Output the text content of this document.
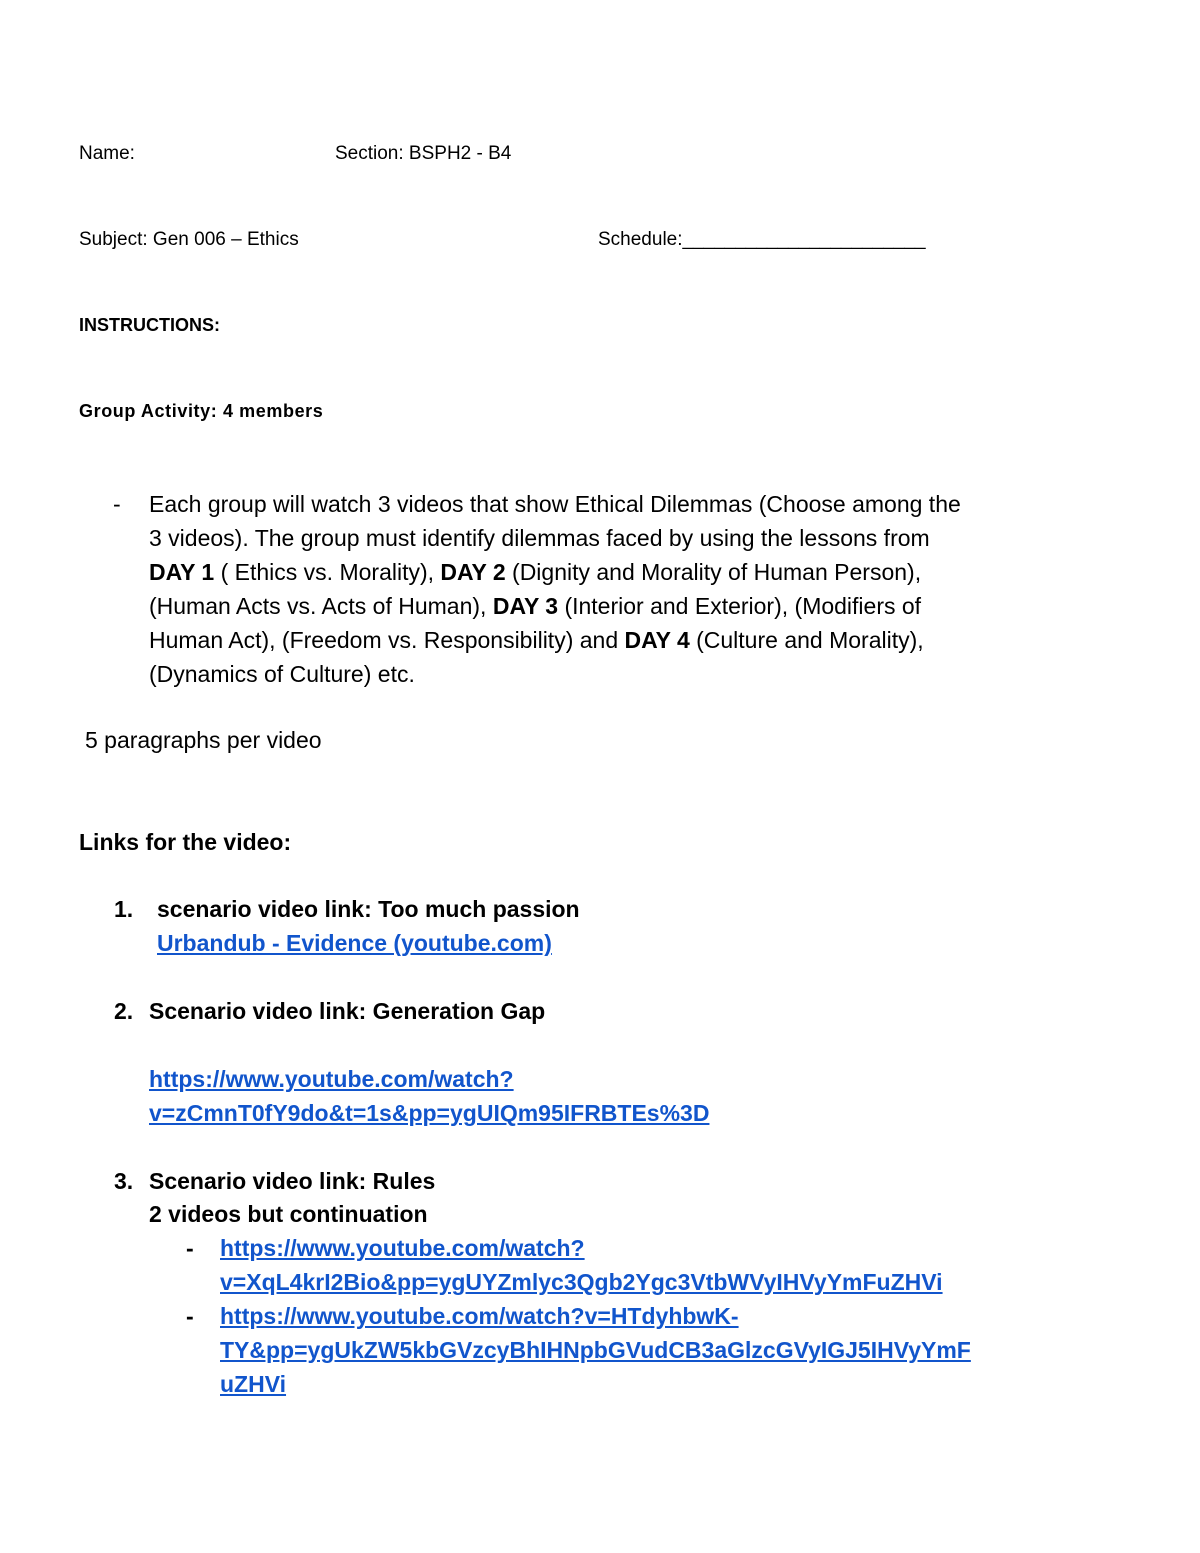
Name:	Section: BSPH2 - B4
Subject: Gen 006 – Ethics	Schedule:_______________________
INSTRUCTIONS:
Group Activity: 4 members
- Each group will watch 3 videos that show Ethical Dilemmas (Choose among the
3 videos). The group must identify dilemmas faced by using the lessons from
DAY 1 ( Ethics vs. Morality), DAY 2 (Dignity and Morality of Human Person),
(Human Acts vs. Acts of Human), DAY 3 (Interior and Exterior), (Modifiers of
Human Act), (Freedom vs. Responsibility) and DAY 4 (Culture and Morality),
(Dynamics of Culture) etc.
5 paragraphs per video
Links for the video:
1. scenario video link: Too much passion
Urbandub - Evidence (youtube.com)
2. Scenario video link: Generation Gap
https://www.youtube.com/watch?
v=zCmnT0fY9do&t=1s&pp=ygUIQm95IFRBTEs%3D
3. Scenario video link: Rules
2 videos but continuation
- https://www.youtube.com/watch?
v=XqL4krI2Bio&pp=ygUYZmlyc3Qgb2Ygc3VtbWVyIHVyYmFuZHVi
- https://www.youtube.com/watch?v=HTdyhbwK-
TY&pp=ygUkZW5kbGVzcyBhIHNpbGVudCB3aGlzcGVyIGJ5IHVyYmF
uZHVi
